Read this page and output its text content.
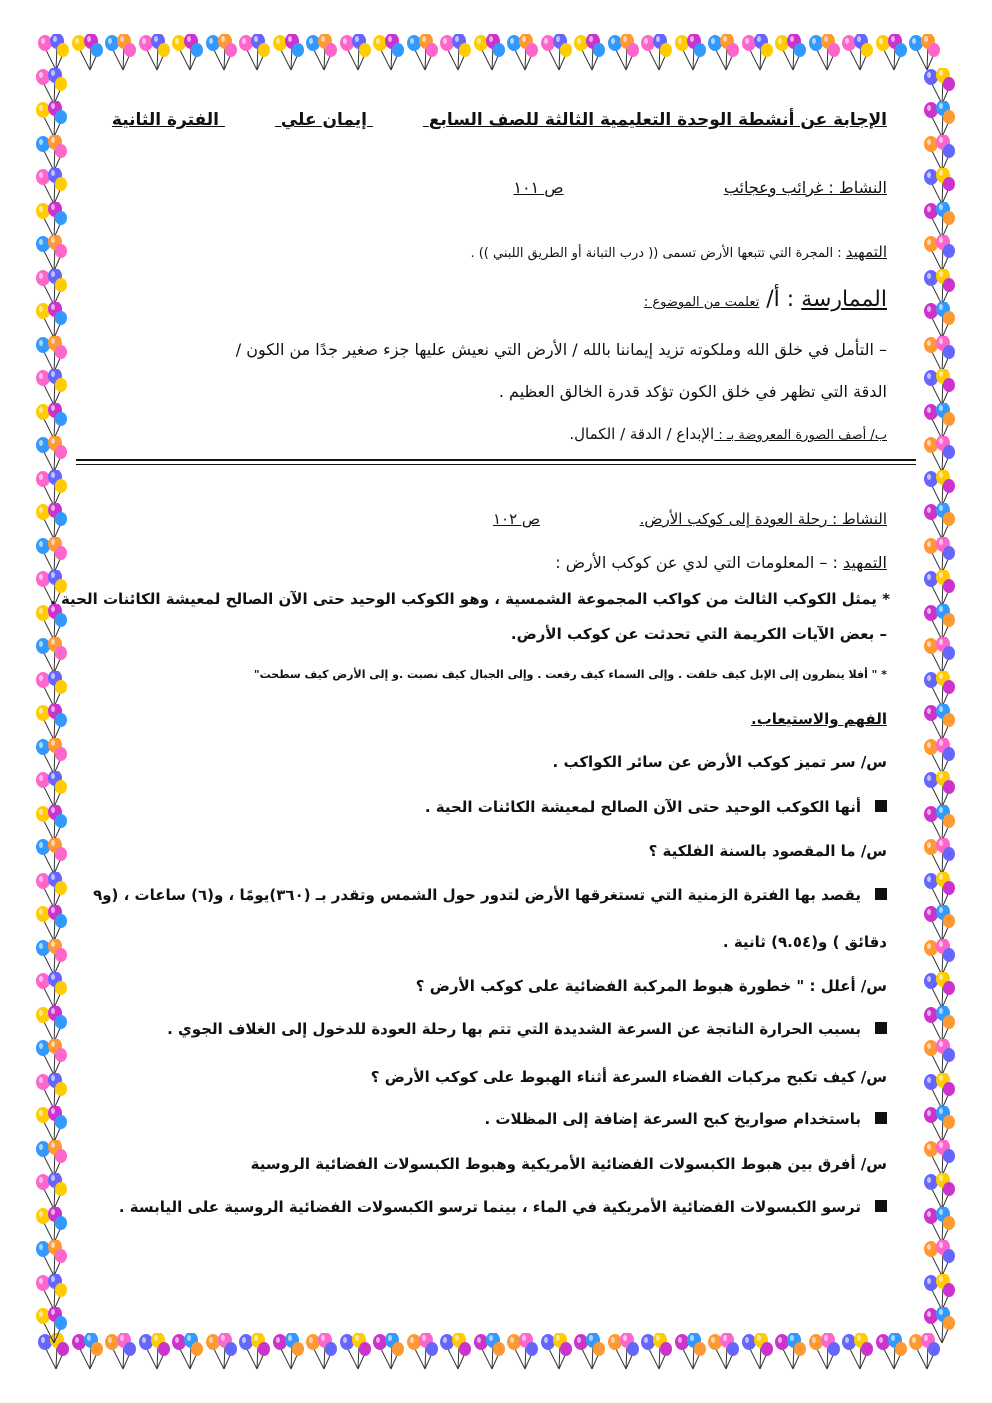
الإجابة عن أنشطة الوحدة التعليمية الثالثة للصف السابع  إيمان علي  الفترة الثانية
النشاط : غرائب وعجائب  ص ١٠١
التمهيد : المجرة التي تتبعها الأرض تسمى (( درب التبانة أو الطريق اللبني )) .
الممارسة : أ/ تعلمت من الموضوع :
– التأمل في خلق الله وملكوته تزيد إيماننا بالله / الأرض التي نعيش عليها جزء صغير جدًا من الكون /
الدقة التي تظهر في خلق الكون تؤكد قدرة الخالق العظيم .
ب/ أصف الصورة المعروضة بـ : الإبداع / الدقة / الكمال.
النشاط : رحلة العودة إلى كوكب الأرض.  ص ١٠٢
التمهيد : – المعلومات التي لدي عن كوكب الأرض :
* يمثل الكوكب الثالث من كواكب المجموعة الشمسية ، وهو الكوكب الوحيد حتى الآن الصالح لمعيشة الكائنات الحية .
– بعض الآيات الكريمة التي تحدثت عن كوكب الأرض.
* " أفلا ينظرون إلى الإبل كيف خلقت . وإلى السماء كيف رفعت . وإلى الجبال كيف نصبت .و إلى الأرض كيف سطحت"
الفهم والاستيعاب.
س/ سر تميز كوكب الأرض عن سائر الكواكب .
أنها الكوكب الوحيد حتى الآن الصالح لمعيشة الكائنات الحية .
س/ ما المقصود بالسنة الفلكية ؟
يقصد بها الفترة الزمنية التي تستغرقها الأرض لتدور حول الشمس وتقدر بـ (٣٦٠)يومًا ، و(٦) ساعات ، (و٩
دقائق ) و(٩.٥٤) ثانية .
س/ أعلل : " خطورة هبوط المركبة الفضائية على كوكب الأرض ؟
بسبب الحرارة الناتجة عن السرعة الشديدة التي تتم بها رحلة العودة للدخول إلى الغلاف الجوي .
س/ كيف تكبح مركبات الفضاء السرعة أثناء الهبوط على كوكب الأرض ؟
باستخدام صواريخ كبح السرعة إضافة إلى المظلات .
س/ أفرق بين هبوط الكبسولات الفضائية الأمريكية وهبوط الكبسولات الفضائية الروسية
ترسو الكبسولات الفضائية الأمريكية في الماء ، بينما ترسو الكبسولات الفضائية الروسية على اليابسة .
